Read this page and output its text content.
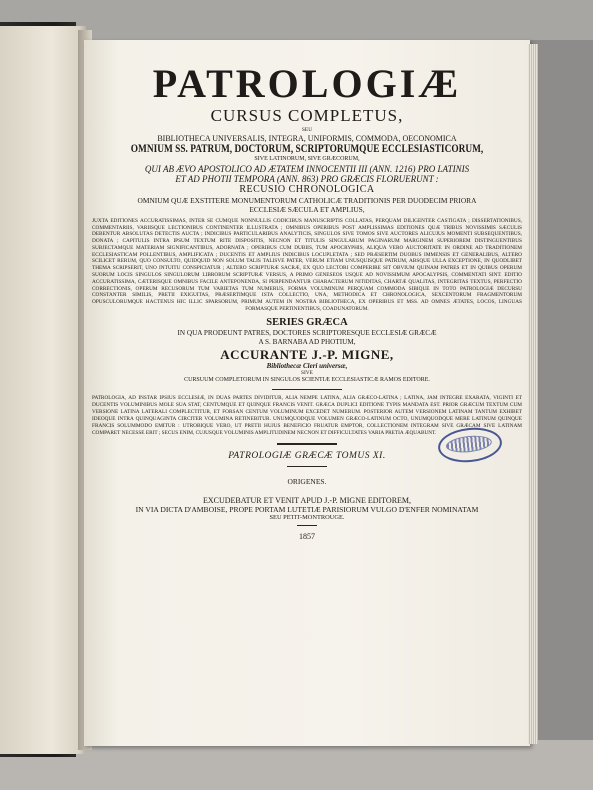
PATROLOGIÆ
CURSUS COMPLETUS,
SEU
BIBLIOTHECA UNIVERSALIS, INTEGRA, UNIFORMIS, COMMODA, OECONOMICA
OMNIUM SS. PATRUM, DOCTORUM, SCRIPTORUMQUE ECCLESIASTICORUM,
SIVE LATINORUM, SIVE GRÆCORUM,
QUI AB ÆVO APOSTOLICO AD ÆTATEM INNOCENTII III (ANN. 1216) PRO LATINIS
ET AD PHOTII TEMPORA (ANN. 863) PRO GRÆCIS FLORUERUNT :
RECUSIO CHRONOLOGICA
OMNIUM QUÆ EXSTITERE MONUMENTORUM CATHOLICÆ TRADITIONIS PER DUODECIM PRIORA
ECCLESIÆ SÆCULA ET AMPLIUS,
JUXTA EDITIONES ACCURATISSIMAS, INTER SE CUMQUE NONNULLIS CODICIBUS MANUSCRIPTIS COLLATAS, PERQUAM DILIGENTER CASTIGATA ; DISSERTATIONIBUS, COMMENTARIIS, VARIISQUE LECTIONIBUS CONTINENTER ILLUSTRATA ; OMNIBUS OPERIBUS POST AMPLISSIMAS EDITIONES QUÆ TRIBUS NOVISSIMIS SÆCULIS DEBENTUR ABSOLUTAS DETECTIS AUCTA ; INDICIBUS PARTICULARIBUS ANALYTICIS, SINGULOS SIVE TOMOS SIVE AUCTORES ALICUJUS MOMENTI SUBSEQUENTIBUS, DONATA ; CAPITULIS INTRA IPSUM TEXTUM RITE DISPOSITIS, NECNON ET TITULIS SINGULARUM PAGINARUM MARGINEM SUPERIOREM DISTINGUENTIBUS SUBJECTAMQUE MATERIAM SIGNIFICANTIBUS, ADORNATA ; OPERIBUS CUM DUBIIS, TUM APOCRYPHIS, ALIQUA VERO AUCTORITATE IN ORDINE AD TRADITIONEM ECCLESIASTICAM POLLENTIBUS, AMPLIFICATA ; DUCENTIS ET AMPLIUS INDICIBUS LOCUPLETATA ; SED PRÆSERTIM DUOBUS IMMENSIS ET GENERALIBUS, ALTERO SCILICET RERUM, QUO CONSULTO, QUIDQUID NON SOLUM TALIS TALISVE PATER, VERUM ETIAM UNUSQUISQUE PATRUM, ABSQUE ULLA EXCEPTIONE, IN QUODLIBET THEMA SCRIPSERIT, UNO INTUITU CONSPICIATUR ; ALTERO SCRIPTURÆ SACRÆ, EX QUO LECTORI COMPERIRE SIT OBVIUM QUINAM PATRES ET IN QUIBUS OPERUM SUORUM LOCIS SINGULOS SINGULORUM LIBRORUM SCRIPTURÆ VERSUS, A PRIMO GENESEOS USQUE AD NOVISSIMUM APOCALYPSIS, COMMENTATI SINT. EDITIO ACCURATISSIMA, CÆTERISQUE OMNIBUS FACILE ANTEPONENDA, SI PERPENDANTUR CHARACTERUM NITIDITAS, CHARTÆ QUALITAS, INTEGRITAS TEXTUS, PERFECTIO CORRECTIONIS, OPERUM RECUSORUM TUM VARIETAS TUM NUMERUS, FORMA VOLUMINUM PERQUAM COMMODA SIBIQUE IN TOTO PATROLOGIÆ DECURSU CONSTANTER SIMILIS, PRETII EXIGUITAS, PRÆSERTIMQUE ISTA COLLECTIO, UNA, METHODICA ET CHRONOLOGICA, SEXCENTORUM FRAGMENTORUM OPUSCULORUMQUE HACTENUS HIC ILLIC SPARSORUM, PRIMUM AUTEM IN NOSTRA BIBLIOTHECA, EX OPERIBUS ET MSS. AD OMNES ÆTATES, LOCOS, LINGUAS FORMASQUE PERTINENTIBUS, COADUNATORUM.
SERIES GRÆCA
IN QUA PRODEUNT PATRES, DOCTORES SCRIPTORESQUE ECCLESIÆ GRÆCÆ
A S. BARNABA AD PHOTIUM,
ACCURANTE J.-P. MIGNE,
Bibliothecæ Cleri universæ,
SIVE
CURSUUM COMPLETORUM IN SINGULOS SCIENTIÆ ECCLESIASTICÆ RAMOS EDITORE.
PATROLOGIA, AD INSTAR IPSIUS ECCLESIÆ, IN DUAS PARTES DIVIDITUR, ALIA NEMPE LATINA, ALIA GRÆCO-LATINA ; LATINA, JAM INTEGRE EXARATA, VIGINTI ET DUCENTIS VOLUMINIBUS MOLE SUA STAT, CENTUMQUE ET QUINQUE FRANCIS VENIT. GRÆCA DUPLICI EDITIONE TYPIS MANDATA EST. PRIOR GRÆCUM TEXTUM CUM VERSIONE LATINA LATERALI COMPLECTITUR, ET FORSAN CENTUM VOLUMINUM EXCEDET NUMERUM. POSTERIOR AUTEM VERSIONEM LATINAM TANTUM EXHIBET IDEOQUE INTRA QUINQUAGINTA CIRCITER VOLUMINA RETINEBITUR. UNUMQUODQUE VOLUMEN GRÆCO-LATINUM OCTO, UNUMQUODQUE MERE LATINUM QUINQUE FRANCIS SOLUMMODO EMITUR : UTROBIQUE VERO, UT PRETII HUJUS BENEFICIO FRUATUR EMPTOR, COLLECTIONEM INTEGRAM SIVE GRÆCAM SIVE LATINAM COMPARET NECESSE ERIT ; SECUS ENIM, CUJUSQUE VOLUMINIS AMPLITUDINEM NECNON ET DIFFICULTATES VARIA PRETIA ÆQUABUNT.
PATROLOGIÆ GRÆCÆ TOMUS XI.
ORIGENES.
EXCUDEBATUR ET VENIT APUD J.-P. MIGNE EDITOREM,
IN VIA DICTA D'AMBOISE, PROPE PORTAM LUTETIÆ PARISIORUM VULGO D'ENFER NOMINATAM
SEU PETIT-MONTROUGE.
1857
